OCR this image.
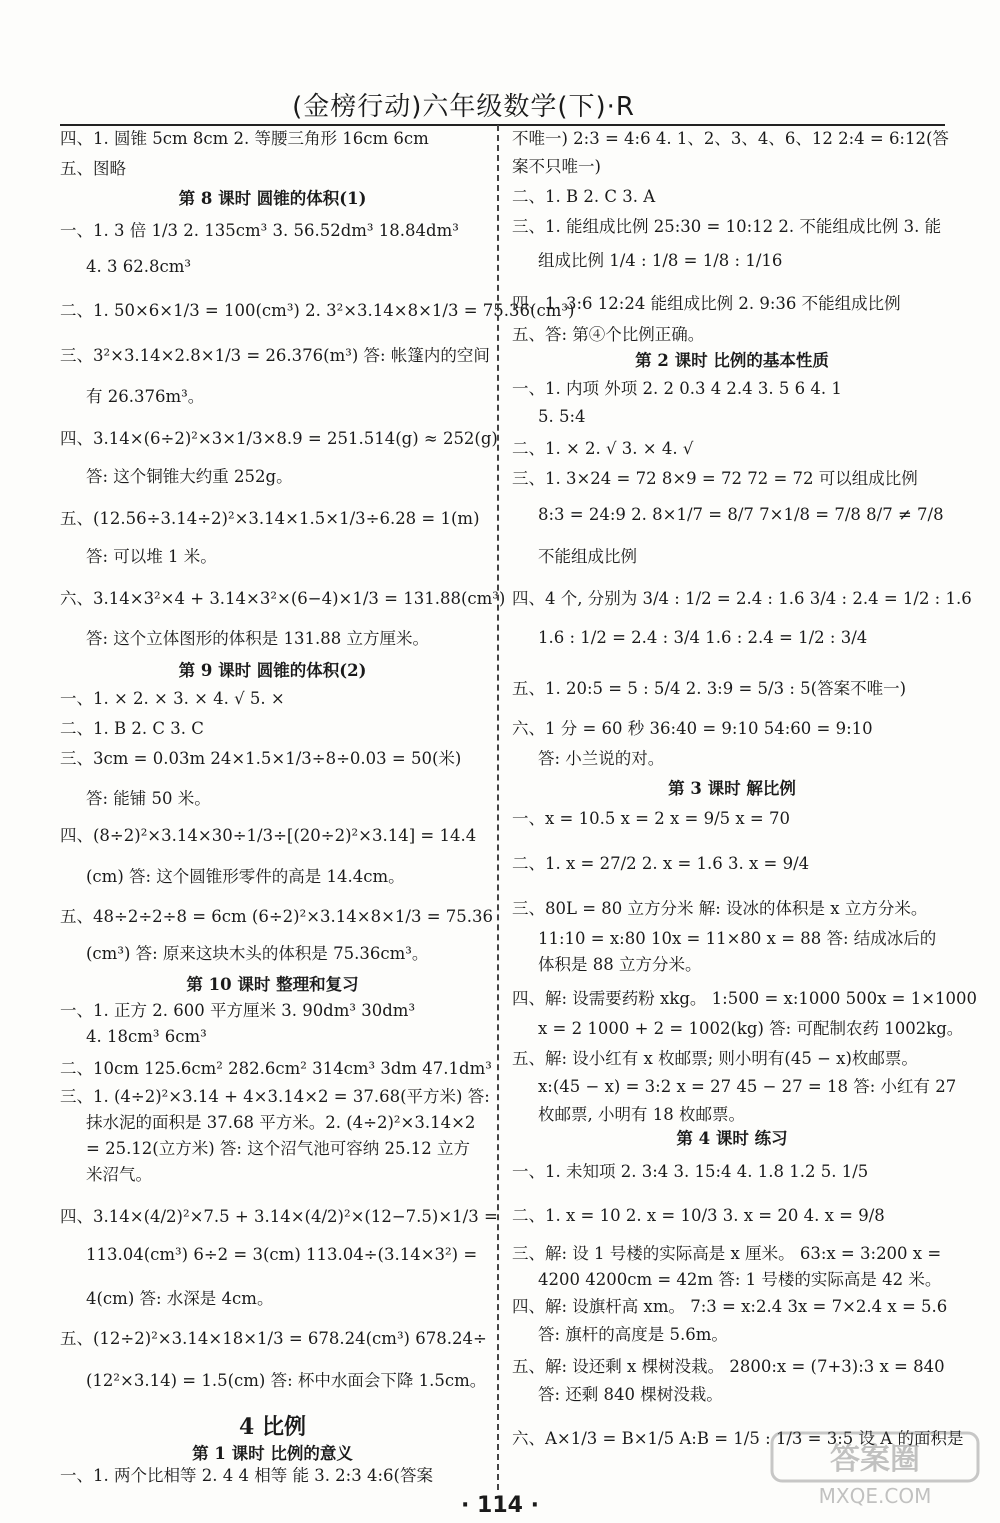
(金榜行动)六年级数学(下)·R
四、1. 圆锥 5cm 8cm 2. 等腰三角形 16cm 6cm
五、图略
第 8 课时 圆锥的体积(1)
一、1. 3 倍 1/3 2. 135cm³ 3. 56.52dm³ 18.84dm³
4. 3 62.8cm³
二、1. 50×6×1/3 = 100(cm³) 2. 3²×3.14×8×1/3 = 75.36(cm³)
三、3²×3.14×2.8×1/3 = 26.376(m³) 答: 帐篷内的空间
有 26.376m³。
四、3.14×(6÷2)²×3×1/3×8.9 = 251.514(g) ≈ 252(g)
答: 这个铜锥大约重 252g。
五、(12.56÷3.14÷2)²×3.14×1.5×1/3÷6.28 = 1(m)
答: 可以堆 1 米。
六、3.14×3²×4 + 3.14×3²×(6−4)×1/3 = 131.88(cm³)
答: 这个立体图形的体积是 131.88 立方厘米。
第 9 课时 圆锥的体积(2)
一、1. × 2. × 3. × 4. √ 5. ×
二、1. B 2. C 3. C
三、3cm = 0.03m 24×1.5×1/3÷8÷0.03 = 50(米)
答: 能铺 50 米。
四、(8÷2)²×3.14×30÷1/3÷[(20÷2)²×3.14] = 14.4
(cm) 答: 这个圆锥形零件的高是 14.4cm。
五、48÷2÷2÷8 = 6cm (6÷2)²×3.14×8×1/3 = 75.36
(cm³) 答: 原来这块木头的体积是 75.36cm³。
第 10 课时 整理和复习
一、1. 正方 2. 600 平方厘米 3. 90dm³ 30dm³
4. 18cm³ 6cm³
二、10cm 125.6cm² 282.6cm² 314cm³ 3dm 47.1dm³
三、1. (4÷2)²×3.14 + 4×3.14×2 = 37.68(平方米) 答:
抹水泥的面积是 37.68 平方米。2. (4÷2)²×3.14×2
= 25.12(立方米) 答: 这个沼气池可容纳 25.12 立方
米沼气。
四、3.14×(4/2)²×7.5 + 3.14×(4/2)²×(12−7.5)×1/3 =
113.04(cm³) 6÷2 = 3(cm) 113.04÷(3.14×3²) =
4(cm) 答: 水深是 4cm。
五、(12÷2)²×3.14×18×1/3 = 678.24(cm³) 678.24÷
(12²×3.14) = 1.5(cm) 答: 杯中水面会下降 1.5cm。
4 比例
第 1 课时 比例的意义
一、1. 两个比相等 2. 4 4 相等 能 3. 2:3 4:6(答案
不唯一) 2:3 = 4:6 4. 1、2、3、4、6、12 2:4 = 6:12(答
案不只唯一)
二、1. B 2. C 3. A
三、1. 能组成比例 25:30 = 10:12 2. 不能组成比例 3. 能
组成比例 1/4 : 1/8 = 1/8 : 1/16
四、1. 3:6 12:24 能组成比例 2. 9:36 不能组成比例
五、答: 第④个比例正确。
第 2 课时 比例的基本性质
一、1. 内项 外项 2. 2 0.3 4 2.4 3. 5 6 4. 1
5. 5:4
二、1. × 2. √ 3. × 4. √
三、1. 3×24 = 72 8×9 = 72 72 = 72 可以组成比例
8:3 = 24:9 2. 8×1/7 = 8/7 7×1/8 = 7/8 8/7 ≠ 7/8
不能组成比例
四、4 个, 分别为 3/4 : 1/2 = 2.4 : 1.6 3/4 : 2.4 = 1/2 : 1.6
1.6 : 1/2 = 2.4 : 3/4 1.6 : 2.4 = 1/2 : 3/4
五、1. 20:5 = 5 : 5/4 2. 3:9 = 5/3 : 5(答案不唯一)
六、1 分 = 60 秒 36:40 = 9:10 54:60 = 9:10
答: 小兰说的对。
第 3 课时 解比例
一、x = 10.5 x = 2 x = 9/5 x = 70
二、1. x = 27/2 2. x = 1.6 3. x = 9/4
三、80L = 80 立方分米 解: 设冰的体积是 x 立方分米。
11:10 = x:80 10x = 11×80 x = 88 答: 结成冰后的
体积是 88 立方分米。
四、解: 设需要药粉 xkg。 1:500 = x:1000 500x = 1×1000
x = 2 1000 + 2 = 1002(kg) 答: 可配制农药 1002kg。
五、解: 设小红有 x 枚邮票; 则小明有(45 − x)枚邮票。
x:(45 − x) = 3:2 x = 27 45 − 27 = 18 答: 小红有 27
枚邮票, 小明有 18 枚邮票。
第 4 课时 练习
一、1. 未知项 2. 3:4 3. 15:4 4. 1.8 1.2 5. 1/5
二、1. x = 10 2. x = 10/3 3. x = 20 4. x = 9/8
三、解: 设 1 号楼的实际高是 x 厘米。 63:x = 3:200 x =
4200 4200cm = 42m 答: 1 号楼的实际高是 42 米。
四、解: 设旗杆高 xm。 7:3 = x:2.4 3x = 7×2.4 x = 5.6
答: 旗杆的高度是 5.6m。
五、解: 设还剩 x 棵树没栽。 2800:x = (7+3):3 x = 840
答: 还剩 840 棵树没栽。
六、A×1/3 = B×1/5 A:B = 1/5 : 1/3 = 3:5 设 A 的面积是
· 114 ·
答案圈
MXQE.COM
